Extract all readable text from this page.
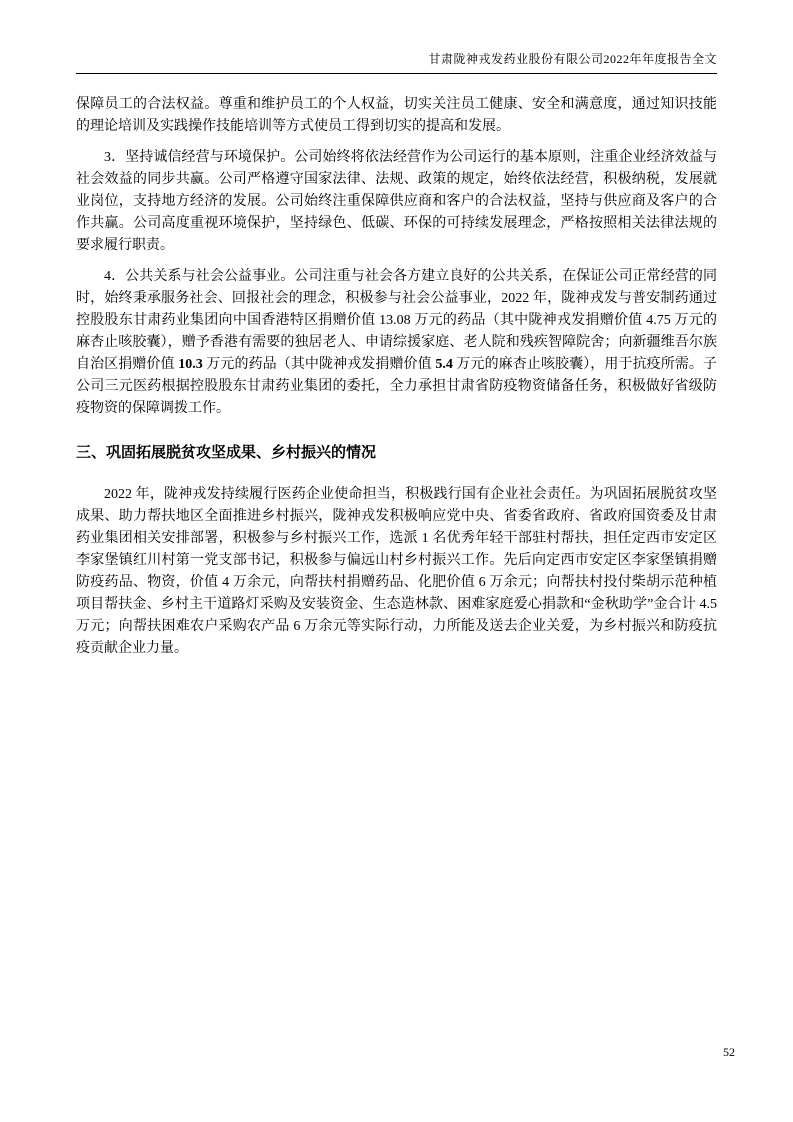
甘肃陇神戎发药业股份有限公司2022年年度报告全文

保障员工的合法权益。尊重和维护员工的个人权益，切实关注员工健康、安全和满意度，通过知识技能的理论培训及实践操作技能培训等方式使员工得到切实的提高和发展。

3．坚持诚信经营与环境保护。公司始终将依法经营作为公司运行的基本原则，注重企业经济效益与社会效益的同步共赢。公司严格遵守国家法律、法规、政策的规定，始终依法经营，积极纳税，发展就业岗位，支持地方经济的发展。公司始终注重保障供应商和客户的合法权益，坚持与供应商及客户的合作共赢。公司高度重视环境保护，坚持绿色、低碳、环保的可持续发展理念，严格按照相关法律法规的要求履行职责。

4．公共关系与社会公益事业。公司注重与社会各方建立良好的公共关系，在保证公司正常经营的同时，始终秉承服务社会、回报社会的理念，积极参与社会公益事业，2022 年，陇神戎发与普安制药通过控股股东甘肃药业集团向中国香港特区捐赠价值 13.08 万元的药品（其中陇神戎发捐赠价值 4.75 万元的麻杏止咳胶囊），赠予香港有需要的独居老人、申请综援家庭、老人院和残疾智障院舍；向新疆维吾尔族自治区捐赠价值 10.3 万元的药品（其中陇神戎发捐赠价值 5.4 万元的麻杏止咳胶囊），用于抗疫所需。子公司三元医药根据控股股东甘肃药业集团的委托，全力承担甘肃省防疫物资储备任务，积极做好省级防疫物资的保障调拨工作。

三、巩固拓展脱贫攻坚成果、乡村振兴的情况

2022 年，陇神戎发持续履行医药企业使命担当，积极践行国有企业社会责任。为巩固拓展脱贫攻坚成果、助力帮扶地区全面推进乡村振兴，陇神戎发积极响应党中央、省委省政府、省政府国资委及甘肃药业集团相关安排部署，积极参与乡村振兴工作，选派 1 名优秀年轻干部驻村帮扶，担任定西市安定区李家堡镇红川村第一党支部书记，积极参与偏远山村乡村振兴工作。先后向定西市安定区李家堡镇捐赠防疫药品、物资，价值 4 万余元，向帮扶村捐赠药品、化肥价值 6 万余元；向帮扶村投付柴胡示范种植项目帮扶金、乡村主干道路灯采购及安装资金、生态造林款、困难家庭爱心捐款和“金秋助学”金合计 4.5 万元；向帮扶困难农户采购农产品 6 万余元等实际行动，力所能及送去企业关爱，为乡村振兴和防疫抗疫贡献企业力量。

52
